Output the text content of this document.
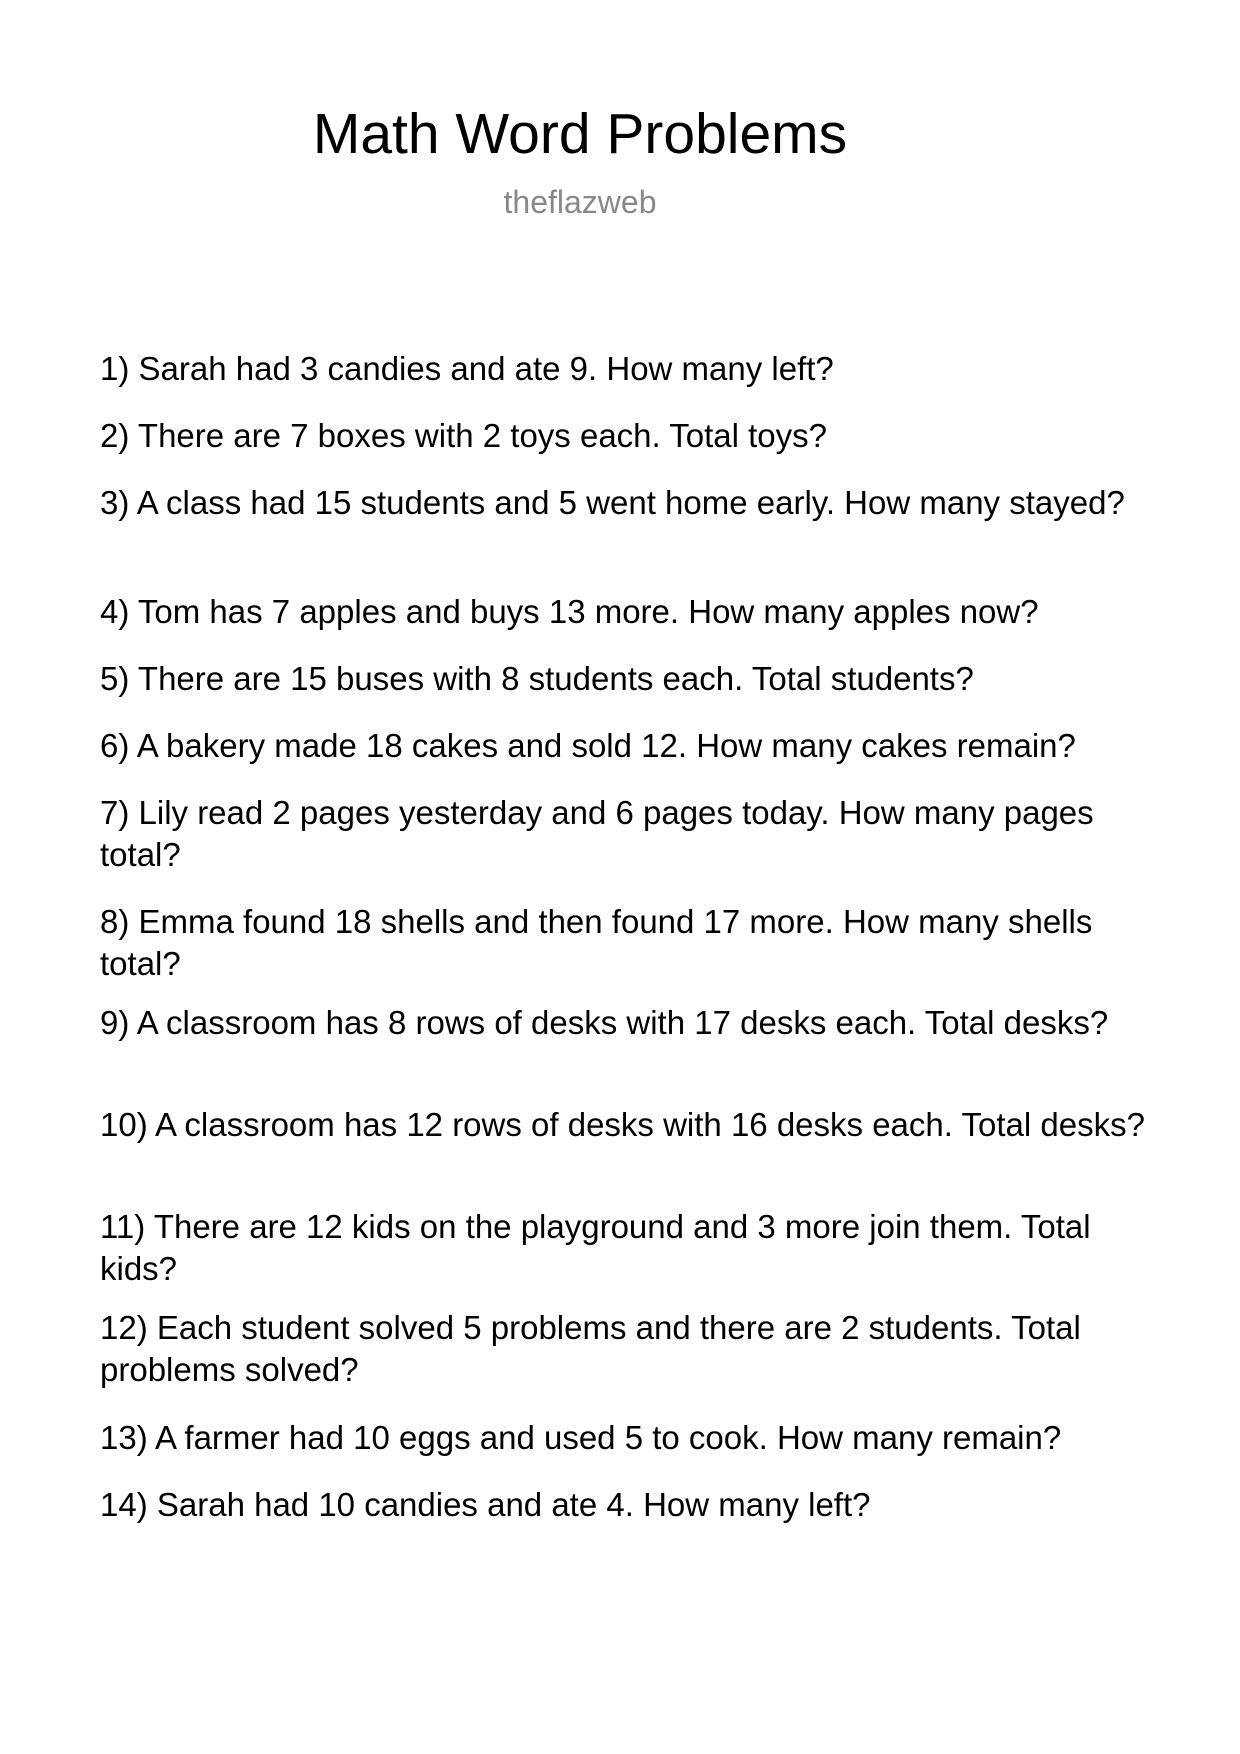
Math Word Problems
theflazweb
1) Sarah had 3 candies and ate 9. How many left?
2) There are 7 boxes with 2 toys each. Total toys?
3) A class had 15 students and 5 went home early. How many stayed?
4) Tom has 7 apples and buys 13 more. How many apples now?
5) There are 15 buses with 8 students each. Total students?
6) A bakery made 18 cakes and sold 12. How many cakes remain?
7) Lily read 2 pages yesterday and 6 pages today. How many pages total?
8) Emma found 18 shells and then found 17 more. How many shells total?
9) A classroom has 8 rows of desks with 17 desks each. Total desks?
10) A classroom has 12 rows of desks with 16 desks each. Total desks?
11) There are 12 kids on the playground and 3 more join them. Total kids?
12) Each student solved 5 problems and there are 2 students. Total problems solved?
13) A farmer had 10 eggs and used 5 to cook. How many remain?
14) Sarah had 10 candies and ate 4. How many left?
